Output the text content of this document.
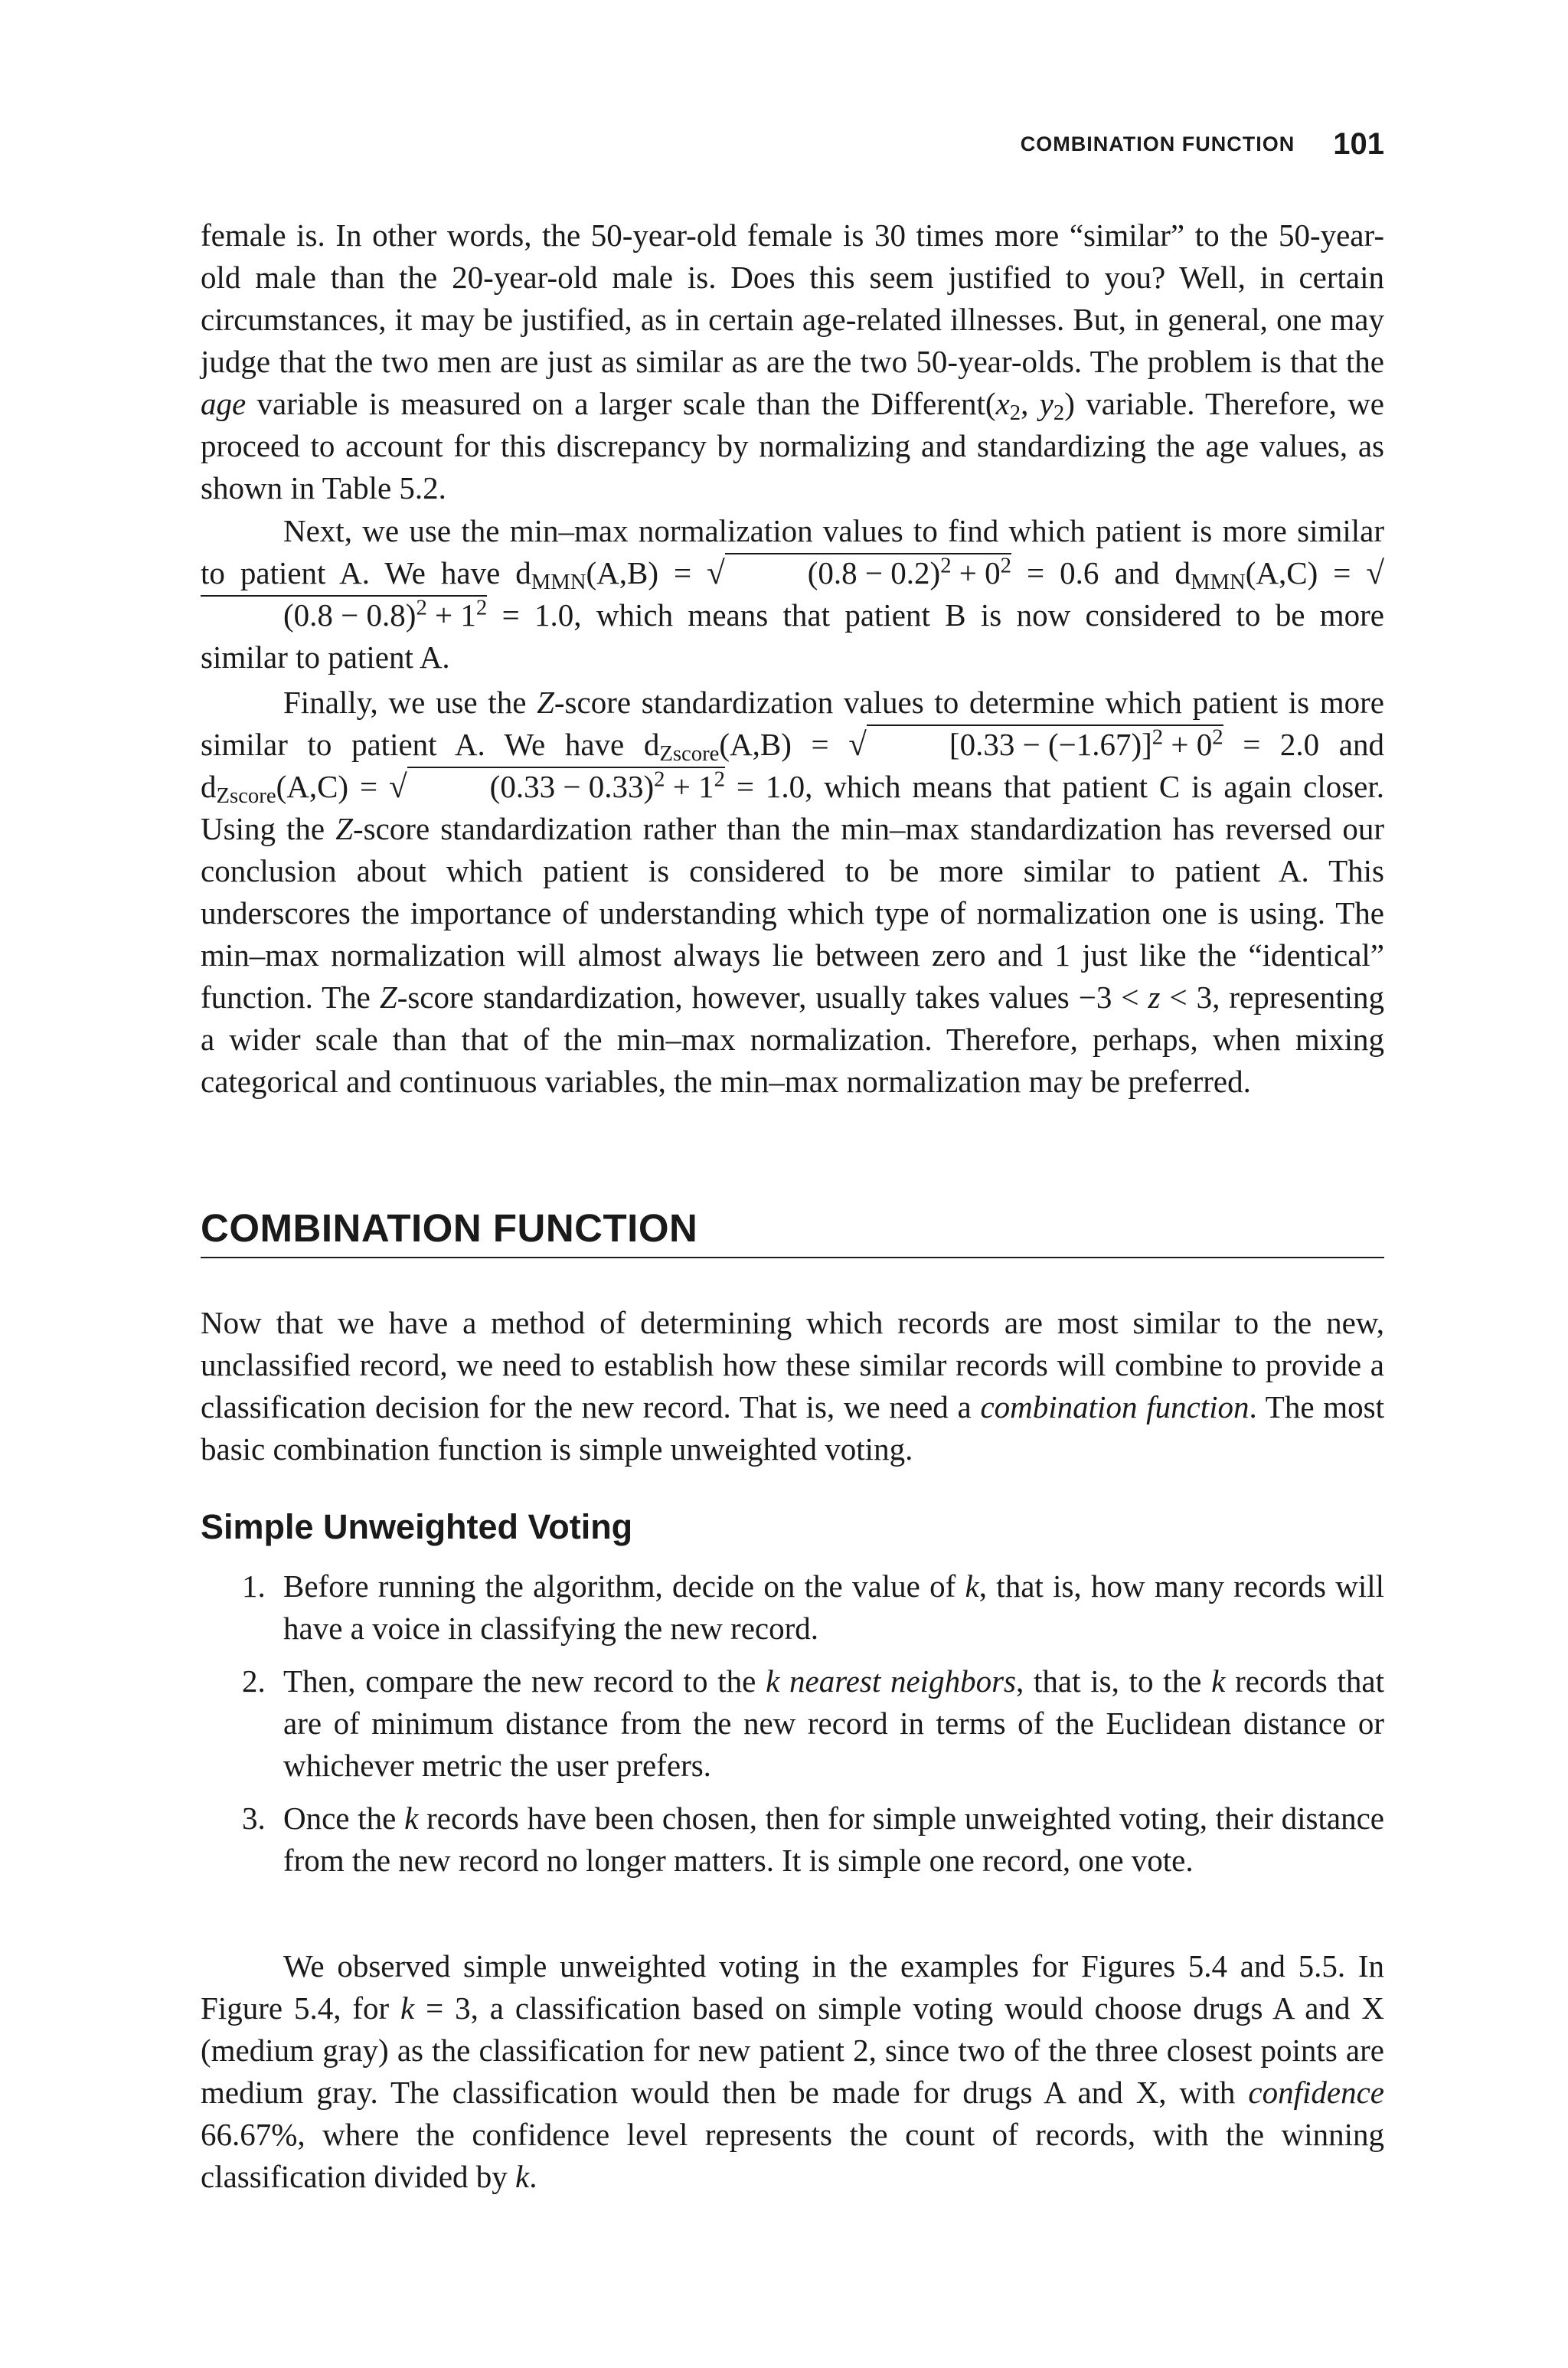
COMBINATION FUNCTION 101

female is. In other words, the 50-year-old female is 30 times more “similar” to the 50-year-old male than the 20-year-old male is. Does this seem justified to you? Well, in certain circumstances, it may be justified, as in certain age-related illnesses. But, in general, one may judge that the two men are just as similar as are the two 50-year-olds. The problem is that the age variable is measured on a larger scale than the $Different(x_2$, $y_2$) variable. Therefore, we proceed to account for this discrepancy by normalizing and standardizing the age values, as shown in Table 5.2.

Next, we use the min–max normalization values to find which patient is more similar to patient A. We have $d_{MMN}(A,B)$ = √	$(0.8 - 0.2)^2 + 0^2 = 0.6$ and $d_{MMN}(A,C) = √(0.8 - 0.8)^2 + 1^2 = 1.0$, which means that patient B is now considered to be more similar to patient A.

Finally, we use the Z-score standardization values to determine which patient is more similar to patient A. We have $d_{Zscore}(A,B)$ = √	$[0.33 - (-1.67)]^2 + 0^2 = 2.0$ and $d_{Zscore}(A,C)$ = √	$(0.33 - 0.33)^2 + 1^2 = 1.0$, which means that patient C is again closer. Using the Z-score standardization rather than the min–max standardization has reversed our conclusion about which patient is considered to be more similar to patient A. This underscores the importance of understanding which type of normalization one is using. The min–max normalization will almost always lie between zero and 1 just like the “identical” function. The Z-score standardization, however, usually takes values −3 < z < 3, representing a wider scale than that of the min–max normalization. Therefore, perhaps, when mixing categorical and continuous variables, the min–max normalization may be preferred.

COMBINATION FUNCTION

Now that we have a method of determining which records are most similar to the new, unclassified record, we need to establish how these similar records will combine to provide a classification decision for the new record. That is, we need a combination function. The most basic combination function is simple unweighted voting.

Simple Unweighted Voting
1. Before running the algorithm, decide on the value of k, that is, how many records will have a voice in classifying the new record.
2. Then, compare the new record to the k nearest neighbors, that is, to the k records that are of minimum distance from the new record in terms of the Euclidean distance or whichever metric the user prefers.
3. Once the k records have been chosen, then for simple unweighted voting, their distance from the new record no longer matters. It is simple one record, one vote.

We observed simple unweighted voting in the examples for Figures 5.4 and 5.5. In Figure 5.4, for k = 3, a classification based on simple voting would choose drugs A and X (medium gray) as the classification for new patient 2, since two of the three closest points are medium gray. The classification would then be made for drugs A and X, with confidence 66.67%, where the confidence level represents the count of records, with the winning classification divided by k.
